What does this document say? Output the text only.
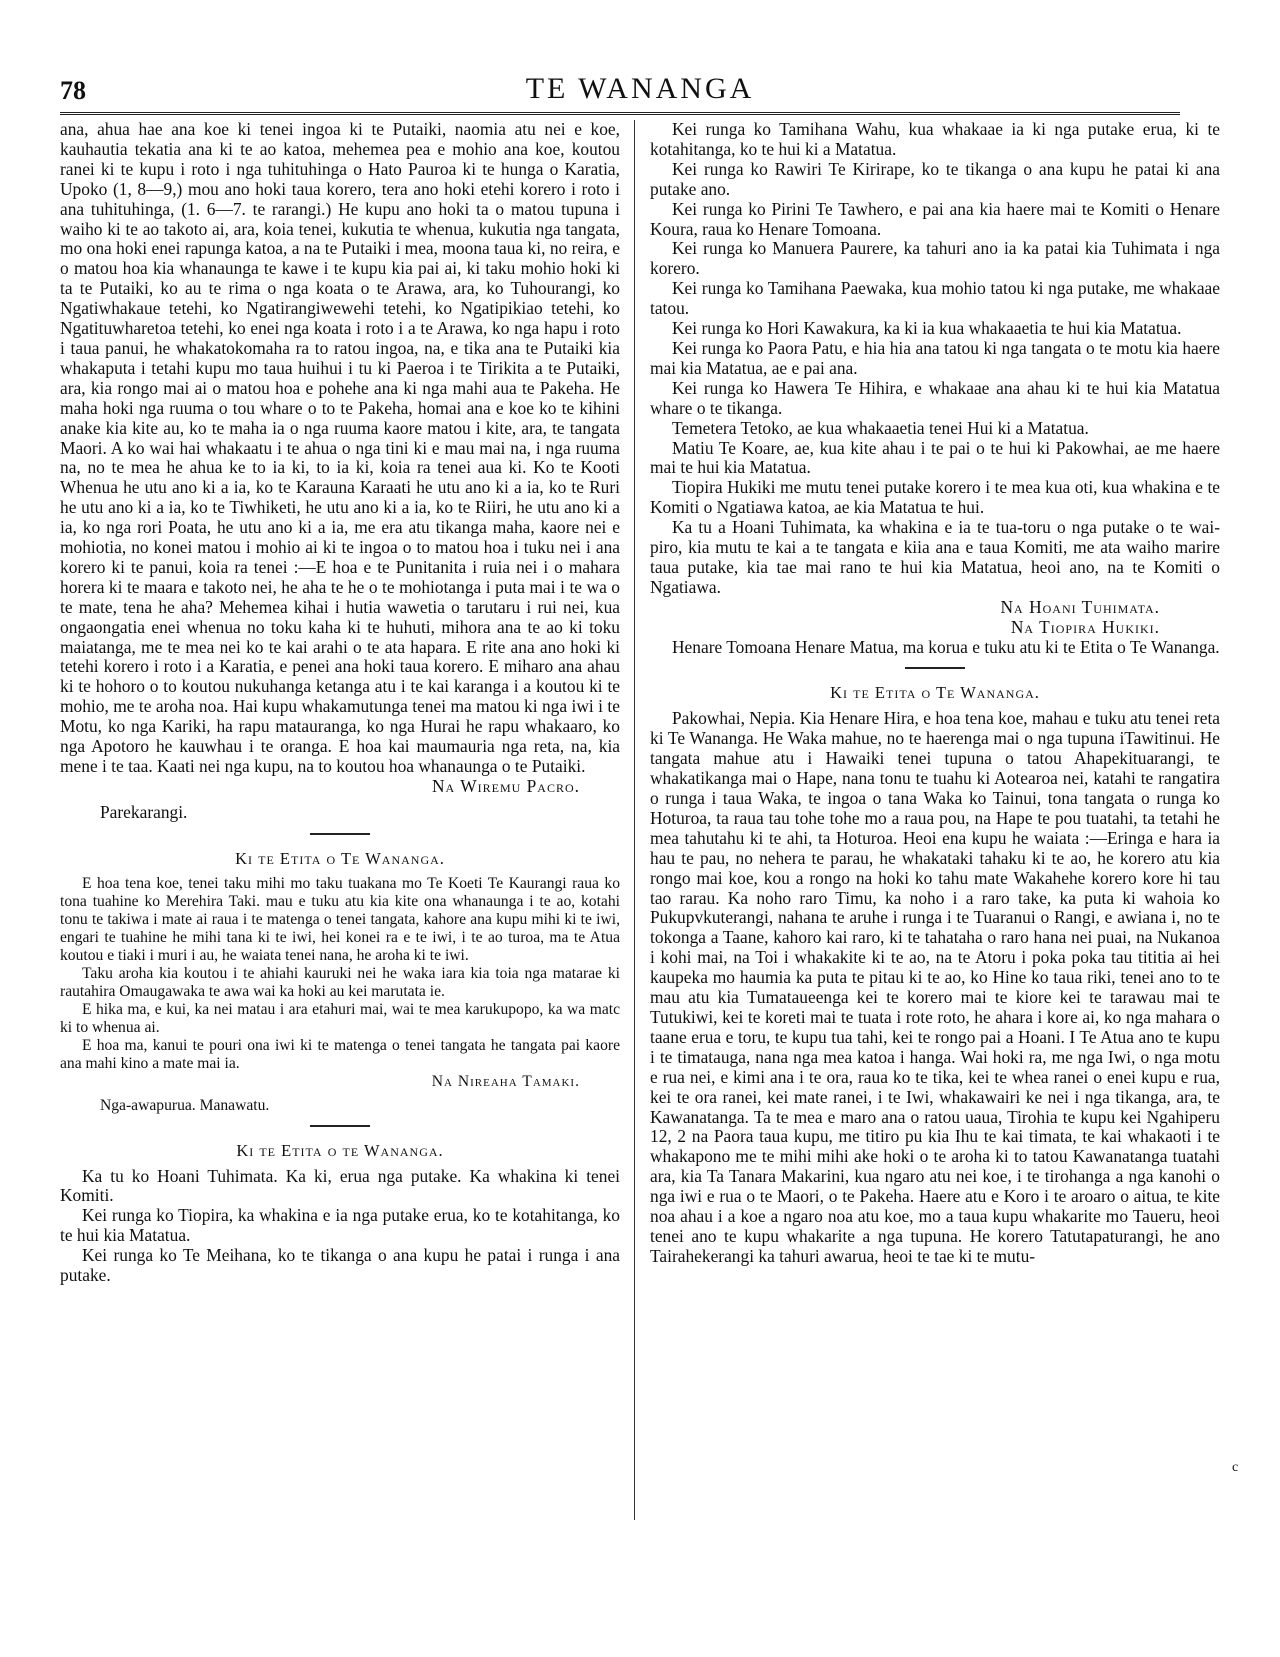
78	TE WANANGA

ana, ahua hae ana koe ki tenei ingoa ki te Putaiki, naomia atu nei e koe, kauhautia tekatia ana ki te ao katoa, mehemea pea e mohio ana koe, koutou ranei ki te kupu i roto i nga tuhituhinga o Hato Pauroa ki te hunga o Karatia, Upoko (1, 8—9,) mou ano hoki taua korero, tera ano hoki etehi korero i roto i ana tuhituhinga, (1. 6—7. te rarangi.) He kupu ano hoki ta o matou tupuna i waiho ki te ao takoto ai, ara, koia tenei, kukutia te whenua, kukutia nga tangata, mo ona hoki enei rapunga katoa, a na te Putaiki i mea, moona taua ki, no reira, e o matou hoa kia whanaunga te kawe i te kupu kia pai ai, ki taku mohio hoki ki ta te Putaiki, ko au te rima o nga koata o te Arawa, ara, ko Tuhourangi, ko Ngatiwhakaue tetehi, ko Ngatirangiwewehi tetehi, ko Ngatipikiao tetehi, ko Ngatituwharetoa tetehi, ko enei nga koata i roto i a te Arawa, ko nga hapu i roto i taua panui, he whakatokomaha ra to ratou ingoa, na, e tika ana te Putaiki kia whakaputa i tetahi kupu mo taua huihui i tu ki Paeroa i te Tirikita a te Putaiki, ara, kia rongo mai ai o matou hoa e pohehe ana ki nga mahi aua te Pakeha. He maha hoki nga ruuma o tou whare o to te Pakeha, homai ana e koe ko te kihini anake kia kite au, ko te maha ia o nga ruuma kaore matou i kite, ara, te tangata Maori. A ko wai hai whakaatu i te ahua o nga tini ki e mau mai na, i nga ruuma na, no te mea he ahua ke to ia ki, to ia ki, koia ra tenei aua ki. Ko te Kooti Whenua he utu ano ki a ia, ko te Karauna Karaati he utu ano ki a ia, ko te Ruri he utu ano ki a ia, ko te Tiwhiketi, he utu ano ki a ia, ko te Riiri, he utu ano ki a ia, ko nga rori Poata, he utu ano ki a ia, me era atu tikanga maha, kaore nei e mohiotia, no konei matou i mohio ai ki te ingoa o to matou hoa i tuku nei i ana korero ki te panui, koia ra tenei :—E hoa e te Punitanita i ruia nei i o mahara horera ki te maara e takoto nei, he aha te he o te mohiotanga i puta mai i te wa o te mate, tena he aha? Mehemea kihai i hutia wawetia o tarutaru i rui nei, kua ongaongatia enei whenua no toku kaha ki te huhuti, mihora ana te ao ki toku maiatanga, me te mea nei ko te kai arahi o te ata hapara. E rite ana ano hoki ki tetehi korero i roto i a Karatia, e penei ana hoki taua korero. E miharo ana ahau ki te hohoro o to koutou nukuhanga ketanga atu i te kai karanga i a koutou ki te mohio, me te aroha noa. Hai kupu whakamutunga tenei ma matou ki nga iwi i te Motu, ko nga Kariki, ha rapu matauranga, ko nga Hurai he rapu whakaaro, ko nga Apotoro he kauwhau i te oranga. E hoa kai maumauria nga reta, na, kia mene i te taa. Kaati nei nga kupu, na to koutou hoa whanaunga o te Putaiki.

Na Wiremu Pacro.

Parekarangi.

Ki te Etita o Te Wananga.

E hoa tena koe, tenei taku mihi mo taku tuakana mo Te Koeti Te Kaurangi raua ko tona tuahine ko Merehira Taki. mau e tuku atu kia kite ona whanaunga i te ao, kotahi tonu te takiwa i mate ai raua i te matenga o tenei tangata, kahore ana kupu mihi ki te iwi, engari te tuahine he mihi tana ki te iwi, hei konei ra e te iwi, i te ao turoa, ma te Atua koutou e tiaki i muri i au, he waiata tenei nana, he aroha ki te iwi.

Taku aroha kia koutou i te ahiahi kauruki nei he waka iara kia toia nga matarae ki rautahira Omaugawaka te awa wai ka hoki au kei marutata ie.

E hika ma, e kui, ka nei matau i ara etahuri mai, wai te mea karukupopo, ka wa matc ki to whenua ai.

E hoa ma, kanui te pouri ona iwi ki te matenga o tenei tangata he tangata pai kaore ana mahi kino a mate mai ia.

Na Nireaha Tamaki.

Nga-awapurua. Manawatu.

Ki te Etita o te Wananga.

Ka tu ko Hoani Tuhimata. Ka ki, erua nga putake. Ka whakina ki tenei Komiti.

Kei runga ko Tiopira, ka whakina e ia nga putake erua, ko te kotahitanga, ko te hui kia Matatua.

Kei runga ko Te Meihana, ko te tikanga o ana kupu he patai i runga i ana putake.

Kei runga ko Tamihana Wahu, kua whakaae ia ki nga putake erua, ki te kotahitanga, ko te hui ki a Matatua.

Kei runga ko Rawiri Te Kirirape, ko te tikanga o ana kupu he patai ki ana putake ano.

Kei runga ko Pirini Te Tawhero, e pai ana kia haere mai te Komiti o Henare Koura, raua ko Henare Tomoana.

Kei runga ko Manuera Paurere, ka tahuri ano ia ka patai kia Tuhimata i nga korero.

Kei runga ko Tamihana Paewaka, kua mohio tatou ki nga putake, me whakaae tatou.

Kei runga ko Hori Kawakura, ka ki ia kua whakaaetia te hui kia Matatua.

Kei runga ko Paora Patu, e hia hia ana tatou ki nga tangata o te motu kia haere mai kia Matatua, ae e pai ana.

Kei runga ko Hawera Te Hihira, e whakaae ana ahau ki te hui kia Matatua whare o te tikanga.

Temetera Tetoko, ae kua whakaaetia tenei Hui ki a Matatua.

Matiu Te Koare, ae, kua kite ahau i te pai o te hui ki Pakowhai, ae me haere mai te hui kia Matatua.

Tiopira Hukiki me mutu tenei putake korero i te mea kua oti, kua whakina e te Komiti o Ngatiawa katoa, ae kia Matatua te hui.

Ka tu a Hoani Tuhimata, ka whakina e ia te tua-toru o nga putake o te wai-piro, kia mutu te kai a te tangata e kiia ana e taua Komiti, me ata waiho marire taua putake, kia tae mai rano te hui kia Matatua, heoi ano, na te Komiti o Ngatiawa.

Na Hoani Tuhimata.

Na Tiopira Hukiki.

Henare Tomoana Henare Matua, ma korua e tuku atu ki te Etita o Te Wananga.

Ki te Etita o Te Wananga.

Pakowhai, Nepia. Kia Henare Hira, e hoa tena koe, mahau e tuku atu tenei reta ki Te Wananga. He Waka mahue, no te haerenga mai o nga tupuna iTawitinui. He tangata mahue atu i Hawaiki tenei tupuna o tatou Ahapekituarangi, te whakatikanga mai o Hape, nana tonu te tuahu ki Aotearoa nei, katahi te rangatira o runga i taua Waka, te ingoa o tana Waka ko Tainui, tona tangata o runga ko Hoturoa, ta raua tau tohe tohe mo a raua pou, na Hape te pou tuatahi, ta tetahi he mea tahutahu ki te ahi, ta Hoturoa. Heoi ena kupu he waiata :—Eringa e hara ia hau te pau, no nehera te parau, he whakataki tahaku ki te ao, he korero atu kia rongo mai koe, kou a rongo na hoki ko tahu mate Wakahehe korero kore hi tau tao rarau. Ka noho raro Timu, ka noho i a raro take, ka puta ki wahoia ko Pukupvkuterangi, nahana te aruhe i runga i te Tuaranui o Rangi, e awiana i, no te tokonga a Taane, kahoro kai raro, ki te tahataha o raro hana nei puai, na Nukanoa i kohi mai, na Toi i whakakite ki te ao, na te Atoru i poka poka tau tititia ai hei kaupeka mo haumia ka puta te pitau ki te ao, ko Hine ko taua riki, tenei ano to te mau atu kia Tumataueenga kei te korero mai te kiore kei te tarawau mai te Tutukiwi, kei te koreti mai te tuata i rote roto, he ahara i kore ai, ko nga mahara o taane erua e toru, te kupu tua tahi, kei te rongo pai a Hoani. I Te Atua ano te kupu i te timatauga, nana nga mea katoa i hanga. Wai hoki ra, me nga Iwi, o nga motu e rua nei, e kimi ana i te ora, raua ko te tika, kei te whea ranei o enei kupu e rua, kei te ora ranei, kei mate ranei, i te Iwi, whakawairi ke nei i nga tikanga, ara, te Kawanatanga. Ta te mea e maro ana o ratou uaua, Tirohia te kupu kei Ngahiperu 12, 2 na Paora taua kupu, me titiro pu kia Ihu te kai timata, te kai whakaoti i te whakapono me te mihi mihi ake hoki o te aroha ki to tatou Kawanatanga tuatahi ara, kia Ta Tanara Makarini, kua ngaro atu nei koe, i te tirohanga a nga kanohi o nga iwi e rua o te Maori, o te Pakeha. Haere atu e Koro i te aroaro o aitua, te kite noa ahau i a koe a ngaro noa atu koe, mo a taua kupu whakarite mo Taueru, heoi tenei ano te kupu whakarite a nga tupuna. He korero Tatutapaturangi, he ano Tairahekerangi ka tahuri awarua, heoi te tae ki te mutu-

c
